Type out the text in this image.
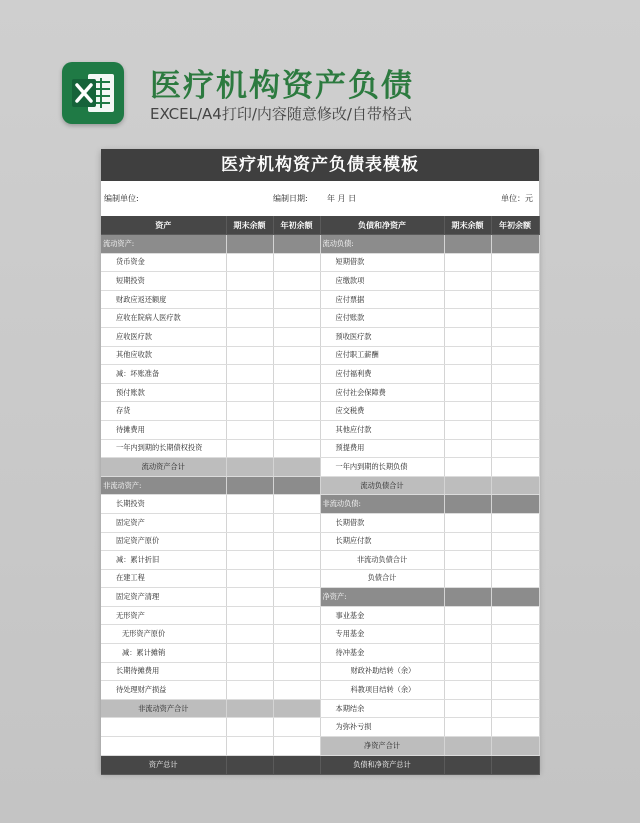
医疗机构资产负债
EXCEL/A4打印/内容随意修改/自带格式
医疗机构资产负债表模板
编制单位:	编制日期: 年 月 日	单位：元
资产	期末余额	年初余额	负债和净资产	期末余额	年初余额
流动资产:			流动负债:		
货币资金			短期借款		
短期投资			应缴款项		
财政应返还额度			应付票据		
应收在院病人医疗款			应付账款		
应收医疗款			预收医疗款		
其他应收款			应付职工薪酬		
减：坏账准备			应付福利费		
预付账款			应付社会保障费		
存货			应交税费		
待摊费用			其他应付款		
一年内到期的长期债权投资			预提费用		
流动资产合计			一年内到期的长期负债		
非流动资产:			流动负债合计		
长期投资			非流动负债:		
固定资产			长期借款		
固定资产原价			长期应付款		
减：累计折旧			非流动负债合计		
在建工程			负债合计		
固定资产清理			净资产:		
无形资产			事业基金		
无形资产原价			专用基金		
减：累计摊销			待冲基金		
长期待摊费用			财政补助结转（余）		
待处理财产损益			科教项目结转（余）		
非流动资产合计			本期结余		
			为弥补亏损		
			净资产合计		
资产总计			负债和净资产总计		
